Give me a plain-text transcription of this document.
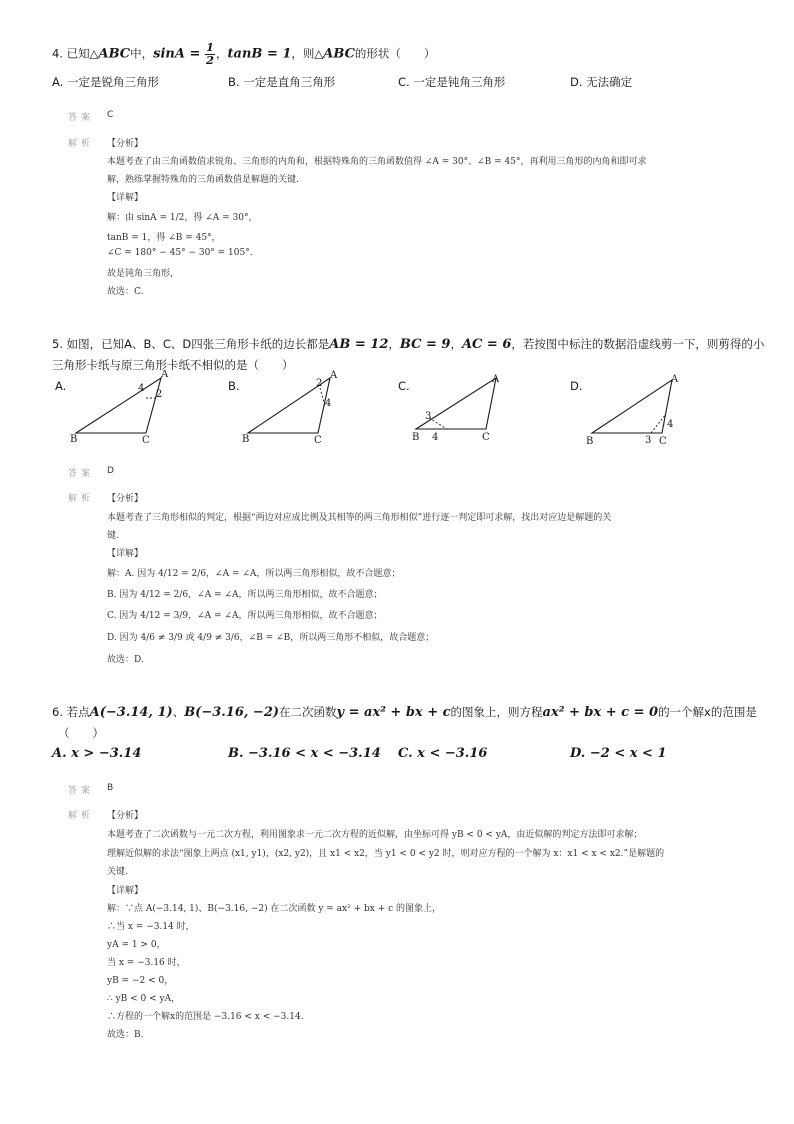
4. 已知△ABC中，$\sin A = \frac{1}{2}$ ，tanB = 1，则△ABC的形状（　　）
A. 一定是锐角三角形	B. 一定是直角三角形	C. 一定是钝角三角形	D. 无法确定
答案 C
解析 【分析】
本题考查了由三角函数值求锐角、三角形的内角和，根据特殊角的三角函数值得 ∠A = 30°、∠B = 45°，再利用三角形的内角和即可求
解，熟练掌握特殊角的三角函数值是解题的关键.
【详解】
解：由 sinA = 1/2，得 ∠A = 30°，
tanB = 1，得 ∠B = 45°，
∠C = 180° − 45° − 30° = 105°.
故是钝角三角形，
故选：C.
5. 如图，已知A、B、C、D四张三角形卡纸的边长都是AB = 12，BC = 9，AC = 6，若按图中标注的数据沿虚线剪一下，则剪得的小
三角形卡纸与原三角形卡纸不相似的是（　　）
A.	B.	C.	D.
A
B	C
4
2
A
B	C
2
4
A
B	C
3
4
A
B	C
4
3
答案 D
解析 【分析】
本题考查了三角形相似的判定，根据“两边对应成比例及其相等的两三角形相似”进行逐一判定即可求解，找出对应边是解题的关
键.
【详解】
解：A. 因为 4/12 = 2/6，∠A = ∠A，所以两三角形相似，故不合题意；
B. 因为 4/12 = 2/6，∠A = ∠A，所以两三角形相似，故不合题意；
C. 因为 4/12 = 3/9，∠A = ∠A，所以两三角形相似，故不合题意；
D. 因为 4/6 ≠ 3/9 或 4/9 ≠ 3/6，∠B = ∠B，所以两三角形不相似，故合题意；
故选：D.
6. 若点A(−3.14, 1)、B(−3.16, −2)在二次函数y = ax² + bx + c的图象上，则方程ax² + bx + c = 0的一个解x的范围是
（　　）
A. x > −3.14	B. −3.16 < x < −3.14 C. x < −3.16	D. −2 < x < 1
答案 B
解析 【分析】
本题考查了二次函数与一元二次方程，利用图象求一元二次方程的近似解，由坐标可得 yB < 0 < yA，由近似解的判定方法即可求解；
理解近似解的求法“图象上两点 (x1, y1)，(x2, y2)，且 x1 < x2，当 y1 < 0 < y2 时，则对应方程的一个解为 x：x1 < x < x2.”是解题的
关键.
【详解】
解：∵点 A(−3.14, 1)、B(−3.16, −2) 在二次函数 y = ax² + bx + c 的图象上，
∴当 x = −3.14 时，
yA = 1 > 0，
当 x = −3.16 时，
yB = −2 < 0，
∴ yB < 0 < yA，
∴方程的一个解x的范围是 −3.16 < x < −3.14.
故选：B.
